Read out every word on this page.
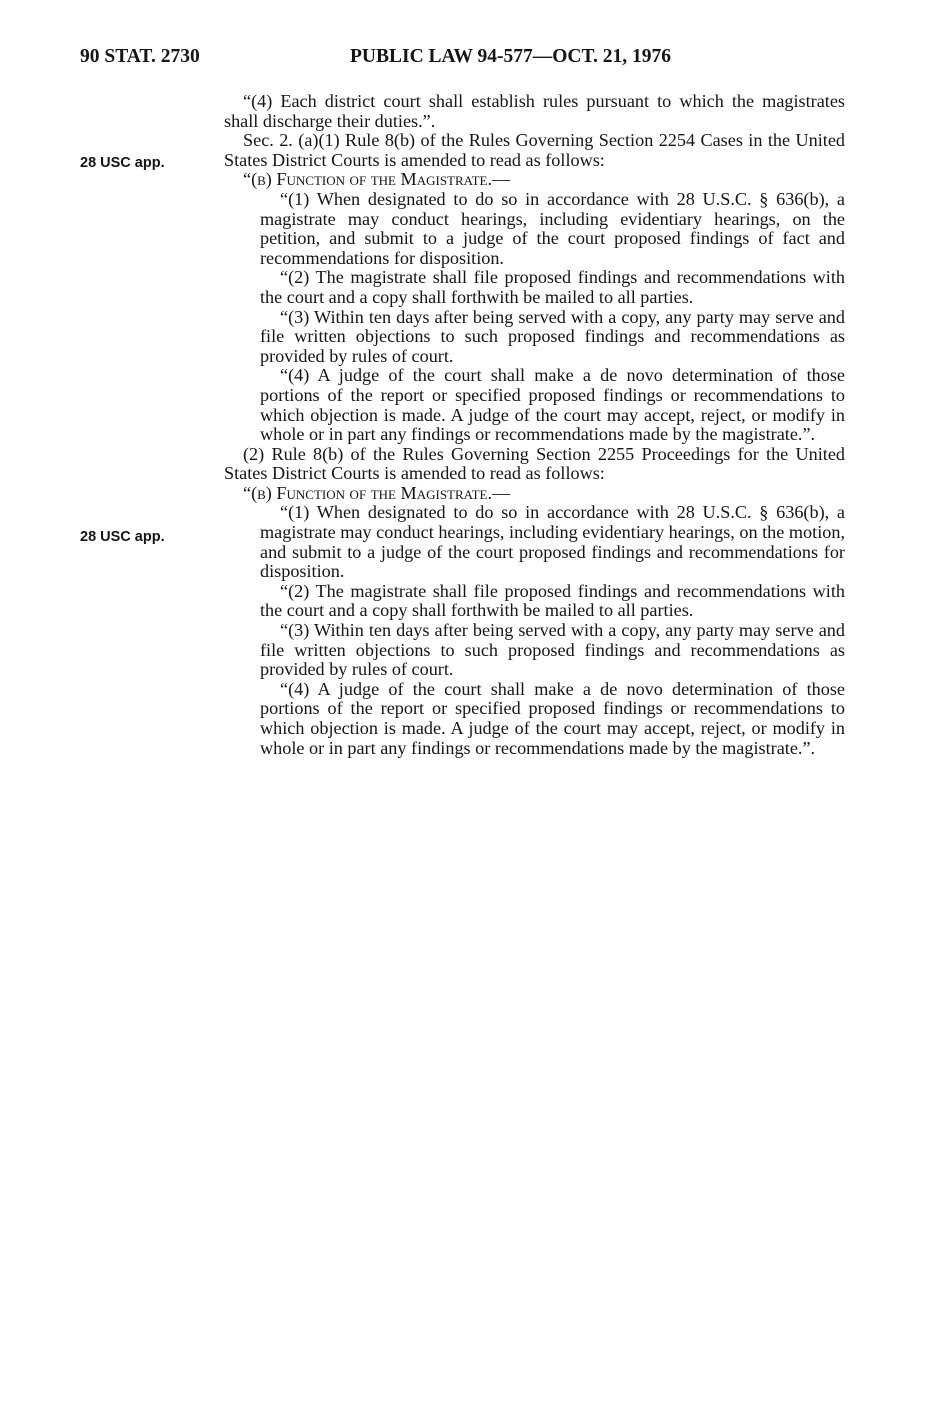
90 STAT. 2730	PUBLIC LAW 94-577—OCT. 21, 1976
28 USC app.
28 USC app.

“(4) Each district court shall establish rules pursuant to which the magistrates shall discharge their duties.”.

Sec. 2. (a)(1) Rule 8(b) of the Rules Governing Section 2254 Cases in the United States District Courts is amended to read as follows:

“(b) Function of the Magistrate.—

“(1) When designated to do so in accordance with 28 U.S.C. § 636(b), a magistrate may conduct hearings, including evidentiary hearings, on the petition, and submit to a judge of the court proposed findings of fact and recommendations for disposition.

“(2) The magistrate shall file proposed findings and recommendations with the court and a copy shall forthwith be mailed to all parties.

“(3) Within ten days after being served with a copy, any party may serve and file written objections to such proposed findings and recommendations as provided by rules of court.

“(4) A judge of the court shall make a de novo determination of those portions of the report or specified proposed findings or recommendations to which objection is made. A judge of the court may accept, reject, or modify in whole or in part any findings or recommendations made by the magistrate.”.

(2) Rule 8(b) of the Rules Governing Section 2255 Proceedings for the United States District Courts is amended to read as follows:

“(b) Function of the Magistrate.—

“(1) When designated to do so in accordance with 28 U.S.C. § 636(b), a magistrate may conduct hearings, including evidentiary hearings, on the motion, and submit to a judge of the court proposed findings and recommendations for disposition.

“(2) The magistrate shall file proposed findings and recommendations with the court and a copy shall forthwith be mailed to all parties.

“(3) Within ten days after being served with a copy, any party may serve and file written objections to such proposed findings and recommendations as provided by rules of court.

“(4) A judge of the court shall make a de novo determination of those portions of the report or specified proposed findings or recommendations to which objection is made. A judge of the court may accept, reject, or modify in whole or in part any findings or recommendations made by the magistrate.”.
